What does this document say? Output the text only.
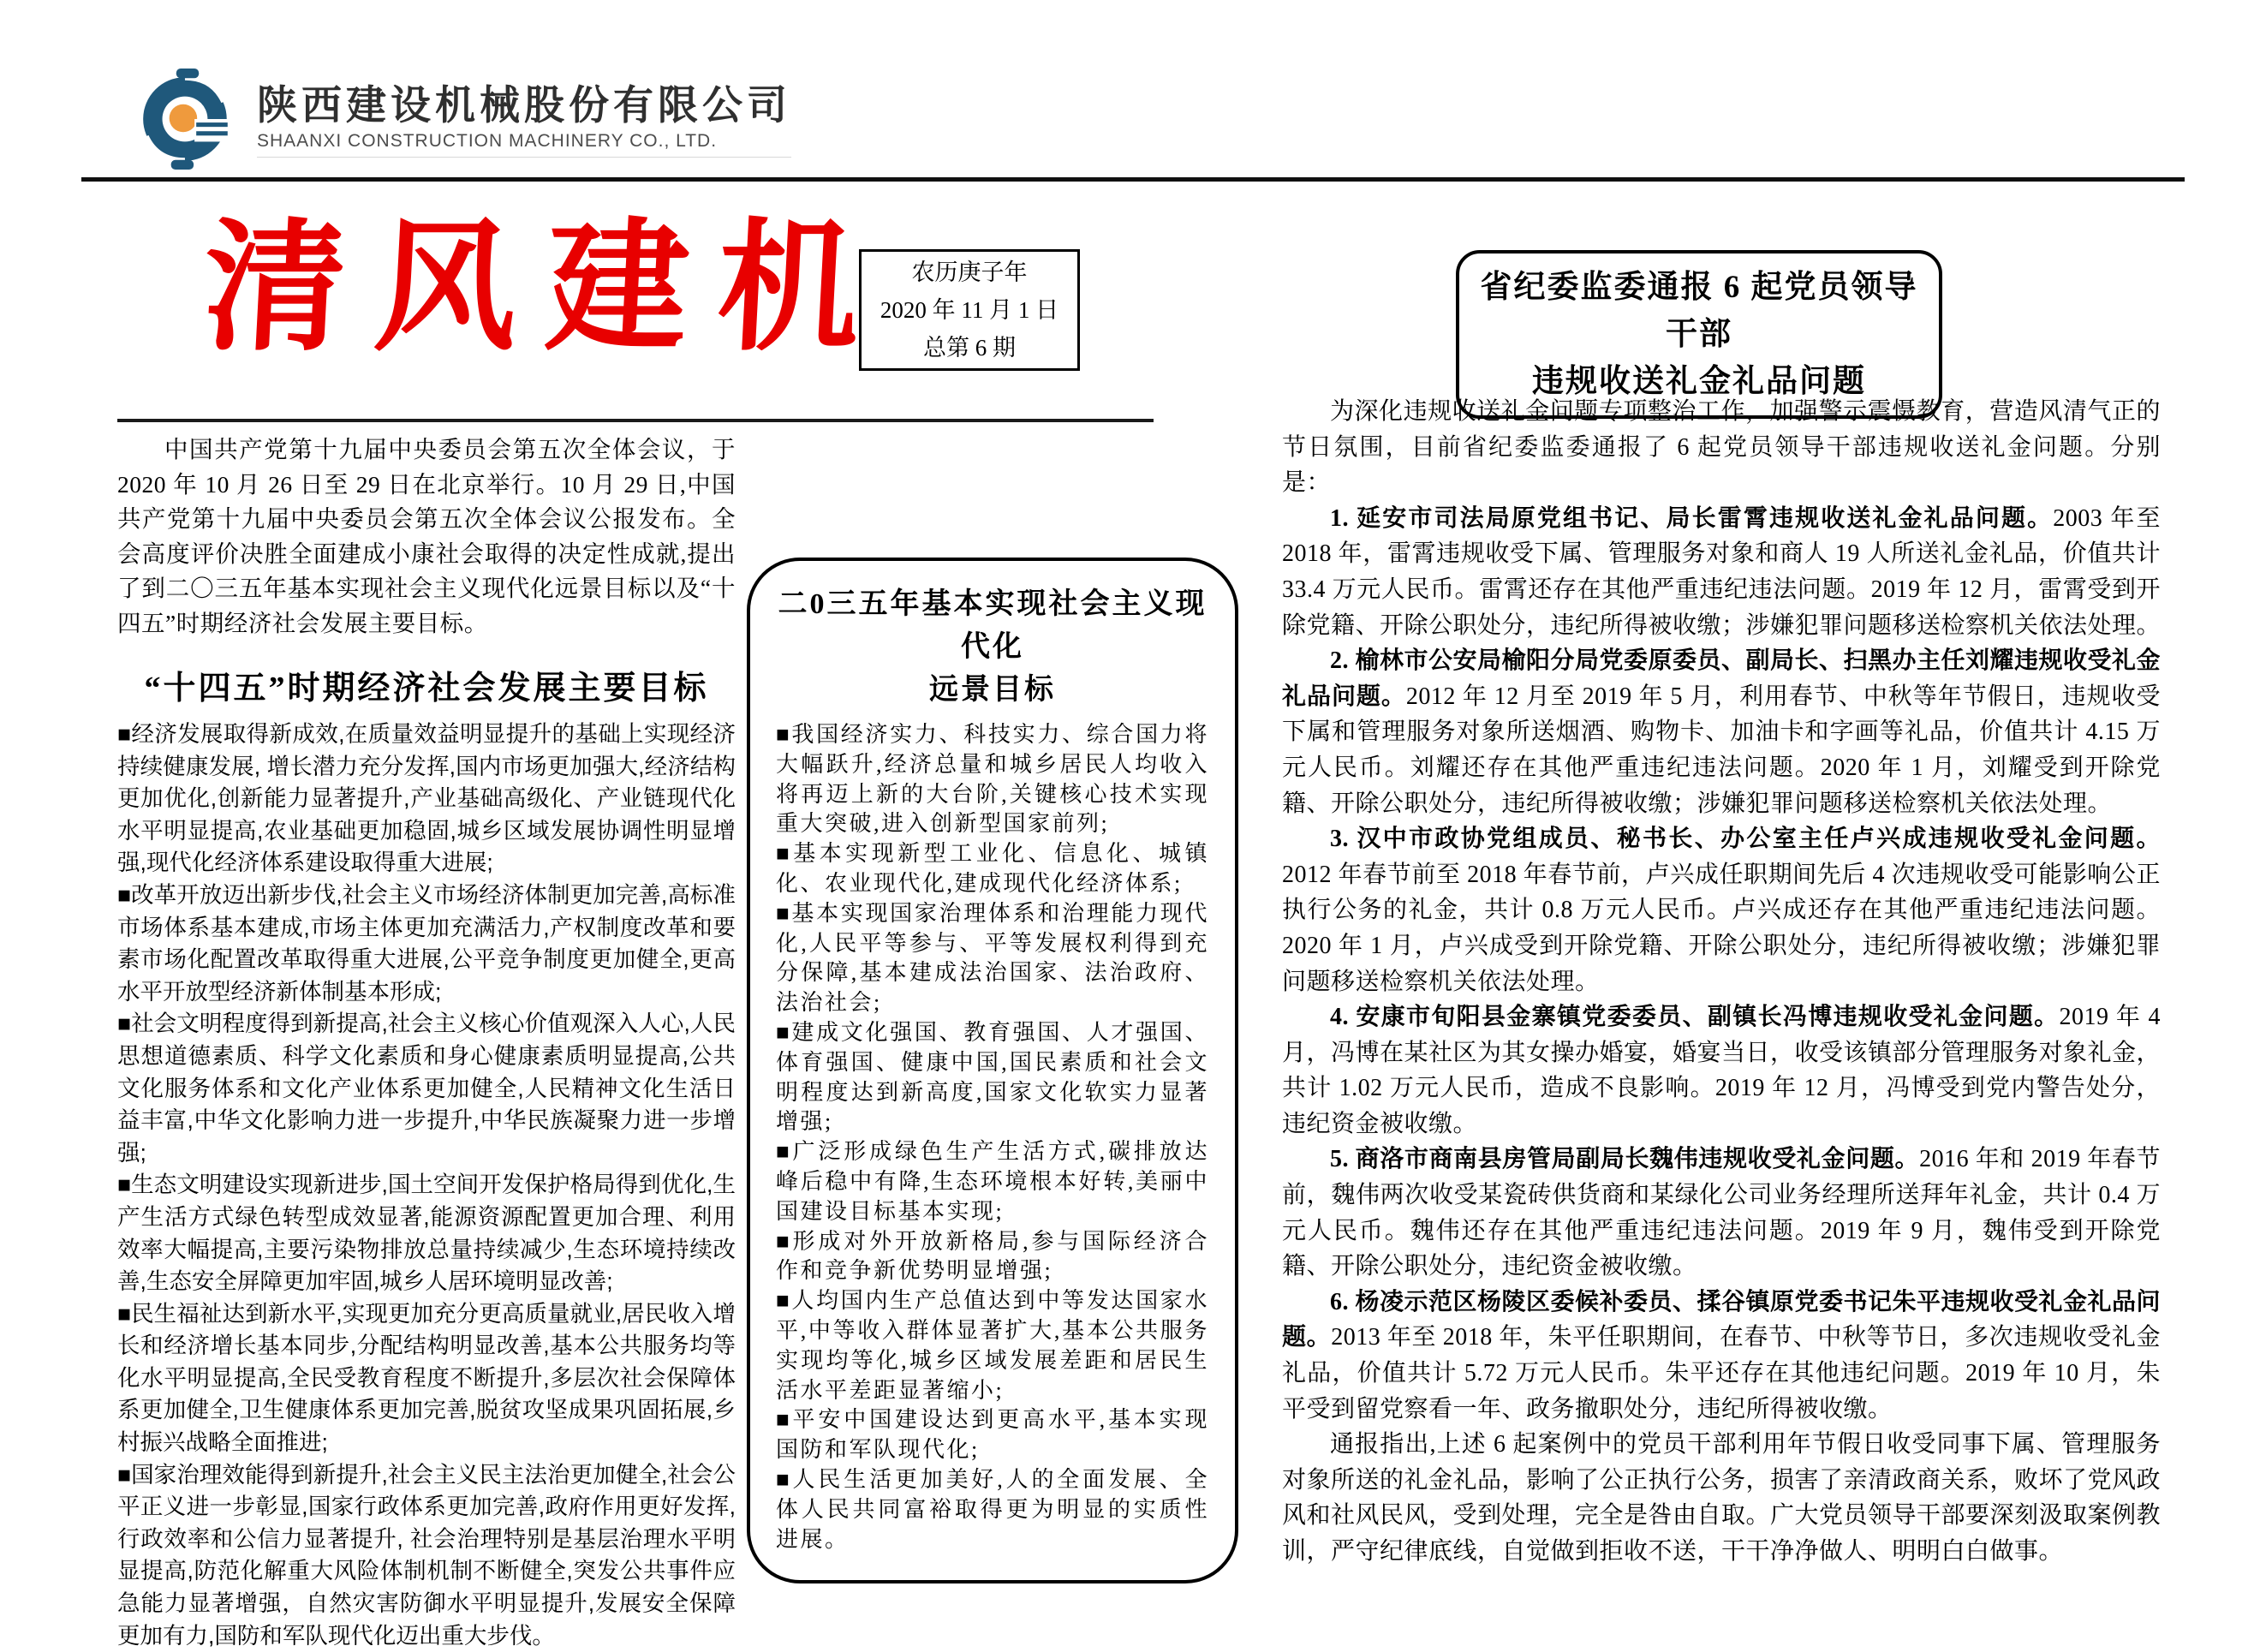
陕西建设机械股份有限公司
SHAANXI CONSTRUCTION MACHINERY CO., LTD.
清风建机 农历庚子年
2020 年 11 月 1 日
总第 6 期
省纪委监委通报 6 起党员领导干部
违规收送礼金礼品问题

中国共产党第十九届中央委员会第五次全体会议，于 2020 年 10 月 26 日至 29 日在北京举行。10 月 29 日,中国共产党第十九届中央委员会第五次全体会议公报发布。全会高度评价决胜全面建成小康社会取得的决定性成就,提出了到二〇三五年基本实现社会主义现代化远景目标以及“十四五”时期经济社会发展主要目标。

“十四五”时期经济社会发展主要目标

■经济发展取得新成效,在质量效益明显提升的基础上实现经济持续健康发展, 增长潜力充分发挥,国内市场更加强大,经济结构更加优化,创新能力显著提升,产业基础高级化、产业链现代化水平明显提高,农业基础更加稳固,城乡区域发展协调性明显增强,现代化经济体系建设取得重大进展;

■改革开放迈出新步伐,社会主义市场经济体制更加完善,高标准市场体系基本建成,市场主体更加充满活力,产权制度改革和要素市场化配置改革取得重大进展,公平竞争制度更加健全,更高水平开放型经济新体制基本形成;

■社会文明程度得到新提高,社会主义核心价值观深入人心,人民思想道德素质、科学文化素质和身心健康素质明显提高,公共文化服务体系和文化产业体系更加健全,人民精神文化生活日益丰富,中华文化影响力进一步提升,中华民族凝聚力进一步增强;

■生态文明建设实现新进步,国土空间开发保护格局得到优化,生产生活方式绿色转型成效显著,能源资源配置更加合理、利用效率大幅提高,主要污染物排放总量持续减少,生态环境持续改善,生态安全屏障更加牢固,城乡人居环境明显改善;

■民生福祉达到新水平,实现更加充分更高质量就业,居民收入增长和经济增长基本同步,分配结构明显改善,基本公共服务均等化水平明显提高,全民受教育程度不断提升,多层次社会保障体系更加健全,卫生健康体系更加完善,脱贫攻坚成果巩固拓展,乡村振兴战略全面推进;

■国家治理效能得到新提升,社会主义民主法治更加健全,社会公平正义进一步彰显,国家行政体系更加完善,政府作用更好发挥,行政效率和公信力显著提升, 社会治理特别是基层治理水平明显提高,防范化解重大风险体制机制不断健全,突发公共事件应急能力显著增强，自然灾害防御水平明显提升,发展安全保障更加有力,国防和军队现代化迈出重大步伐。

二0三五年基本实现社会主义现代化
远景目标

■我国经济实力、科技实力、综合国力将大幅跃升,经济总量和城乡居民人均收入将再迈上新的大台阶,关键核心技术实现重大突破,进入创新型国家前列;

■基本实现新型工业化、信息化、城镇化、农业现代化,建成现代化经济体系;

■基本实现国家治理体系和治理能力现代化,人民平等参与、平等发展权利得到充分保障,基本建成法治国家、法治政府、法治社会;

■建成文化强国、教育强国、人才强国、体育强国、健康中国,国民素质和社会文明程度达到新高度,国家文化软实力显著增强;

■广泛形成绿色生产生活方式,碳排放达峰后稳中有降,生态环境根本好转,美丽中国建设目标基本实现;

■形成对外开放新格局,参与国际经济合作和竞争新优势明显增强;

■人均国内生产总值达到中等发达国家水平,中等收入群体显著扩大,基本公共服务实现均等化,城乡区域发展差距和居民生活水平差距显著缩小;

■平安中国建设达到更高水平,基本实现国防和军队现代化;

■人民生活更加美好,人的全面发展、全体人民共同富裕取得更为明显的实质性进展。

为深化违规收送礼金问题专项整治工作，加强警示震慑教育，营造风清气正的节日氛围，目前省纪委监委通报了 6 起党员领导干部违规收送礼金问题。分别是：

1. 延安市司法局原党组书记、局长雷霄违规收送礼金礼品问题。2003 年至 2018 年，雷霄违规收受下属、管理服务对象和商人 19 人所送礼金礼品，价值共计 33.4 万元人民币。雷霄还存在其他严重违纪违法问题。2019 年 12 月，雷霄受到开除党籍、开除公职处分，违纪所得被收缴；涉嫌犯罪问题移送检察机关依法处理。

2. 榆林市公安局榆阳分局党委原委员、副局长、扫黑办主任刘耀违规收受礼金礼品问题。2012 年 12 月至 2019 年 5 月，利用春节、中秋等年节假日，违规收受下属和管理服务对象所送烟酒、购物卡、加油卡和字画等礼品，价值共计 4.15 万元人民币。刘耀还存在其他严重违纪违法问题。2020 年 1 月，刘耀受到开除党籍、开除公职处分，违纪所得被收缴；涉嫌犯罪问题移送检察机关依法处理。

3. 汉中市政协党组成员、秘书长、办公室主任卢兴成违规收受礼金问题。2012 年春节前至 2018 年春节前，卢兴成任职期间先后 4 次违规收受可能影响公正执行公务的礼金，共计 0.8 万元人民币。卢兴成还存在其他严重违纪违法问题。2020 年 1 月，卢兴成受到开除党籍、开除公职处分，违纪所得被收缴；涉嫌犯罪问题移送检察机关依法处理。

4. 安康市旬阳县金寨镇党委委员、副镇长冯博违规收受礼金问题。2019 年 4 月，冯博在某社区为其女操办婚宴，婚宴当日，收受该镇部分管理服务对象礼金，共计 1.02 万元人民币，造成不良影响。2019 年 12 月，冯博受到党内警告处分，违纪资金被收缴。

5. 商洛市商南县房管局副局长魏伟违规收受礼金问题。2016 年和 2019 年春节前，魏伟两次收受某瓷砖供货商和某绿化公司业务经理所送拜年礼金，共计 0.4 万元人民币。魏伟还存在其他严重违纪违法问题。2019 年 9 月，魏伟受到开除党籍、开除公职处分，违纪资金被收缴。

6. 杨凌示范区杨陵区委候补委员、揉谷镇原党委书记朱平违规收受礼金礼品问题。2013 年至 2018 年，朱平任职期间，在春节、中秋等节日，多次违规收受礼金礼品，价值共计 5.72 万元人民币。朱平还存在其他违纪问题。2019 年 10 月，朱平受到留党察看一年、政务撤职处分，违纪所得被收缴。

通报指出,上述 6 起案例中的党员干部利用年节假日收受同事下属、管理服务对象所送的礼金礼品，影响了公正执行公务，损害了亲清政商关系，败坏了党风政风和社风民风，受到处理，完全是咎由自取。广大党员领导干部要深刻汲取案例教训，严守纪律底线，自觉做到拒收不送，干干净净做人、明明白白做事。
